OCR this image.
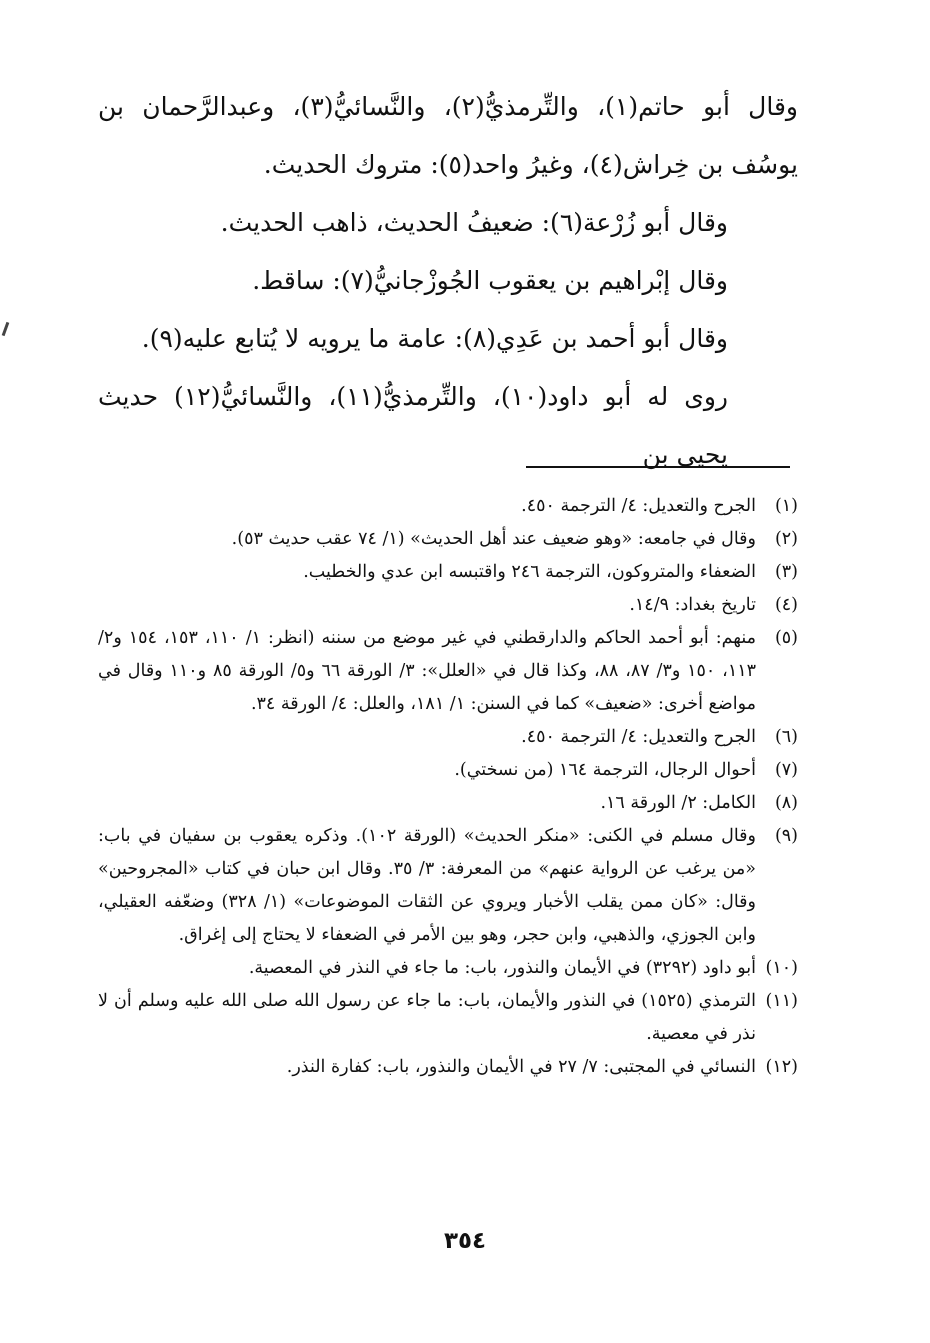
وقال أبو حاتم(١)، والتِّرمذيُّ(٢)، والنَّسائيُّ(٣)، وعبدالرَّحمان بن يوسُف بن خِراش(٤)، وغيرُ واحد(٥): متروك الحديث.

وقال أبو زُرْعة(٦): ضعيفُ الحديث، ذاهب الحديث.

وقال إبْراهيم بن يعقوب الجُوزْجانيُّ(٧): ساقط.

وقال أبو أحمد بن عَدِي(٨): عامة ما يرويه لا يُتابع عليه(٩).

روى له أبو داود(١٠)، والتِّرمذيُّ(١١)، والنَّسائيُّ(١٢) حديث يحيى بن

(١)
الجرح والتعديل: ٤/ الترجمة ٤٥٠.
(٢)
وقال في جامعه: «وهو ضعيف عند أهل الحديث» (١/ ٧٤ عقب حديث ٥٣).
(٣)
الضعفاء والمتروكون، الترجمة ٢٤٦ واقتبسه ابن عدي والخطيب.
(٤)
تاريخ بغداد: ١٤/٩.
(٥)
منهم: أبو أحمد الحاكم والدارقطني في غير موضع من سننه (انظر: ١/ ١١٠، ١٥٣، ١٥٤ و٢/ ١١٣، ١٥٠ و٣/ ٨٧، ٨٨، وكذا قال في «العلل»: ٣/ الورقة ٦٦ و٥/ الورقة ٨٥ و١١٠ وقال في مواضع أخرى: «ضعيف» كما في السنن: ١/ ١٨١، والعلل: ٤/ الورقة ٣٤.
(٦)
الجرح والتعديل: ٤/ الترجمة ٤٥٠.
(٧)
أحوال الرجال، الترجمة ١٦٤ (من نسختي).
(٨)
الكامل: ٢/ الورقة ١٦.
(٩)
وقال مسلم في الكنى: «منكر الحديث» (الورقة ١٠٢). وذكره يعقوب بن سفيان في باب: «من يرغب عن الرواية عنهم» من المعرفة: ٣/ ٣٥. وقال ابن حبان في كتاب «المجروحين» وقال: «كان ممن يقلب الأخبار ويروي عن الثقات الموضوعات» (١/ ٣٢٨) وضعّفه العقيلي، وابن الجوزي، والذهبي، وابن حجر، وهو بين الأمر في الضعفاء لا يحتاج إلى إغراق.
(١٠)
أبو داود (٣٢٩٢) في الأيمان والنذور، باب: ما جاء في النذر في المعصية.
(١١)
الترمذي (١٥٢٥) في النذور والأيمان، باب: ما جاء عن رسول الله صلى الله عليه وسلم أن لا نذر في معصية.
(١٢)
النسائي في المجتبى: ٧/ ٢٧ في الأيمان والنذور، باب: كفارة النذر.
٣٥٤
